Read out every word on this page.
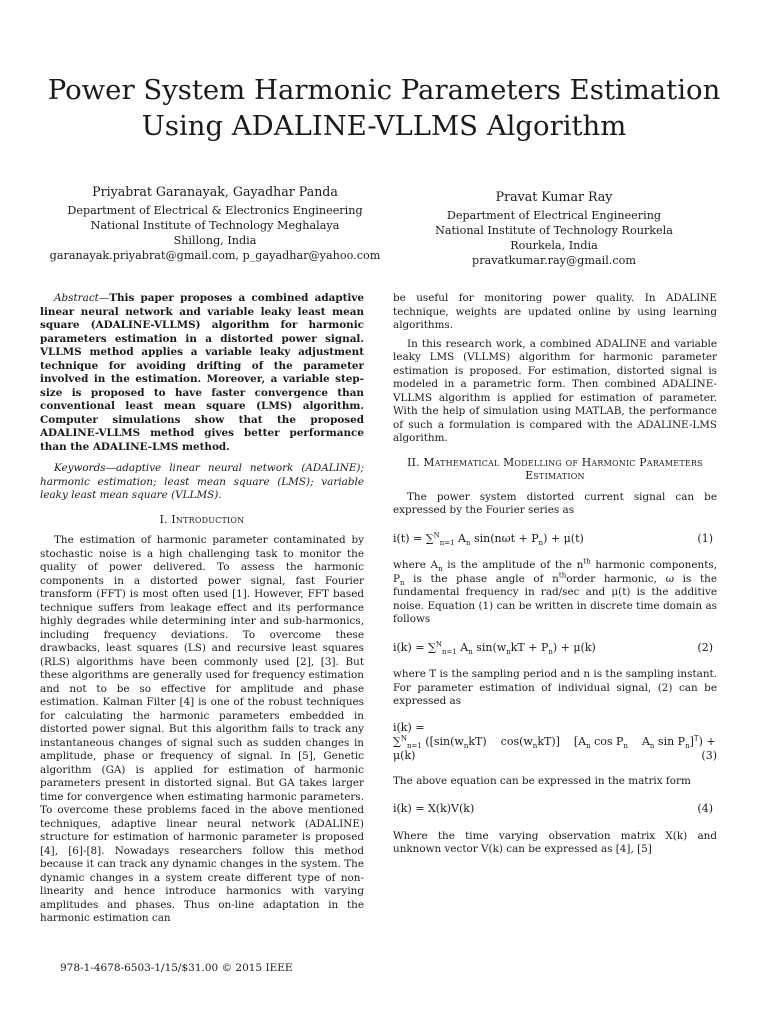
Power System Harmonic Parameters Estimation
Using ADALINE-VLLMS Algorithm
Priyabrat Garanayak, Gayadhar Panda
Department of Electrical & Electronics Engineering
National Institute of Technology Meghalaya
Shillong, India
garanayak.priyabrat@gmail.com, p_gayadhar@yahoo.com
Pravat Kumar Ray
Department of Electrical Engineering
National Institute of Technology Rourkela
Rourkela, India
pravatkumar.ray@gmail.com

Abstract—This paper proposes a combined adaptive linear neural network and variable leaky least mean square (ADALINE-VLLMS) algorithm for harmonic parameters estimation in a distorted power signal. VLLMS method applies a variable leaky adjustment technique for avoiding drifting of the parameter involved in the estimation. Moreover, a variable step-size is proposed to have faster convergence than conventional least mean square (LMS) algorithm. Computer simulations show that the proposed ADALINE-VLLMS method gives better performance than the ADALINE-LMS method.

Keywords—adaptive linear neural network (ADALINE); harmonic estimation; least mean square (LMS); variable leaky least mean square (VLLMS).

I. Introduction

The estimation of harmonic parameter contaminated by stochastic noise is a high challenging task to monitor the quality of power delivered. To assess the harmonic components in a distorted power signal, fast Fourier transform (FFT) is most often used [1]. However, FFT based technique suffers from leakage effect and its performance highly degrades while determining inter and sub-harmonics, including frequency deviations. To overcome these drawbacks, least squares (LS) and recursive least squares (RLS) algorithms have been commonly used [2], [3]. But these algorithms are generally used for frequency estimation and not to be so effective for amplitude and phase estimation. Kalman Filter [4] is one of the robust techniques for calculating the harmonic parameters embedded in distorted power signal. But this algorithm fails to track any instantaneous changes of signal such as sudden changes in amplitude, phase or frequency of signal. In [5], Genetic algorithm (GA) is applied for estimation of harmonic parameters present in distorted signal. But GA takes larger time for convergence when estimating harmonic parameters. To overcome these problems faced in the above mentioned techniques, adaptive linear neural network (ADALINE) structure for estimation of harmonic parameter is proposed [4], [6]-[8]. Nowadays researchers follow this method because it can track any dynamic changes in the system. The dynamic changes in a system create different type of non-linearity and hence introduce harmonics with varying amplitudes and phases. Thus on-line adaptation in the harmonic estimation can

be useful for monitoring power quality. In ADALINE technique, weights are updated online by using learning algorithms.

In this research work, a combined ADALINE and variable leaky LMS (VLLMS) algorithm for harmonic parameter estimation is proposed. For estimation, distorted signal is modeled in a parametric form. Then combined ADALINE-VLLMS algorithm is applied for estimation of parameter. With the help of simulation using MATLAB, the performance of such a formulation is compared with the ADALINE-LMS algorithm.

II. Mathematical Modelling of Harmonic Parameters
Estimation

The power system distorted current signal can be expressed by the Fourier series as

i(t) = ∑$^N_{n=1}$ $A_n$ $\sin(n\omega t + P_n) + \mu(t)$	(1)

where $A_n$ is the amplitude of the $n^{th}$ harmonic components, $P_n$ is the phase angle of $n^{th}order$ harmonic, ω is the fundamental frequency in rad/sec and μ(t) is the additive noise. Equation (1) can be written in discrete time domain as follows

i(k) = ∑$^N_{n=1}$ $A_n$ $\sin(w_nkT + P_n) + \mu(k)$	(2)

where T is the sampling period and n is the sampling instant. For parameter estimation of individual signal, (2) can be expressed as

i(k) =
∑$^N_{n=1}$ ([$\sin(w_nkT)$    $\cos(w_nkT)$]    [$A_n$ $\cos P_n$    $A_n$ $\sin P_n]^T$) +
μ(k)	(3)

The above equation can be expressed in the matrix form

i(k) = X(k)V(k)	(4)

Where the time varying observation matrix X(k) and unknown vector V(k) can be expressed as [4], [5]

978-1-4678-6503-1/15/$31.00 © 2015 IEEE
